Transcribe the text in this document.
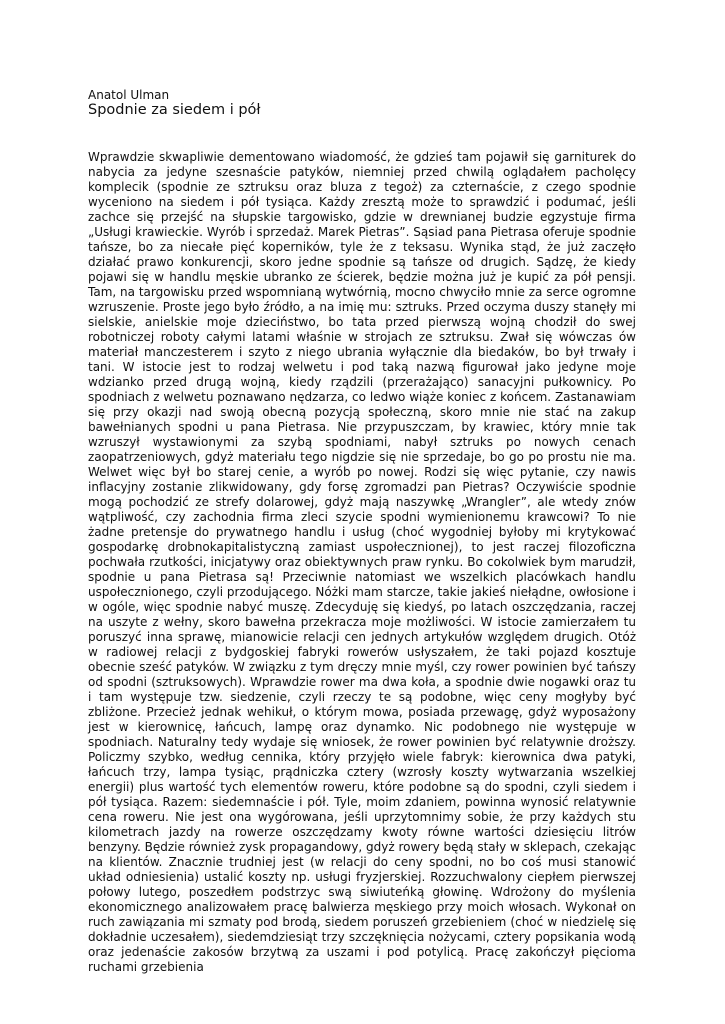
Anatol Ulman
Spodnie za siedem i pół

Wprawdzie skwapliwie dementowano wiadomość, że gdzieś tam pojawił się garniturek do nabycia za jedyne szesnaście patyków, niemniej przed chwilą oglądałem pacholęcy komplecik (spodnie ze sztruksu oraz bluza z tegoż) za czternaście, z czego spodnie wyceniono na siedem i pół tysiąca. Każdy zresztą może to sprawdzić i podumać, jeśli zachce się przejść na słupskie targowisko, gdzie w drewnianej budzie egzystuje firma „Usługi krawieckie. Wyrób i sprzedaż. Marek Pietras”. Sąsiad pana Pietrasa oferuje spodnie tańsze, bo za niecałe pięć koperników, tyle że z teksasu. Wynika stąd, że już zaczęło działać prawo konkurencji, skoro jedne spodnie są tańsze od drugich. Sądzę, że kiedy pojawi się w handlu męskie ubranko ze ścierek, będzie można już je kupić za pół pensji. Tam, na targowisku przed wspomnianą wytwórnią, mocno chwyciło mnie za serce ogromne wzruszenie. Proste jego było źródło, a na imię mu: sztruks. Przed oczyma duszy stanęły mi sielskie, anielskie moje dzieciństwo, bo tata przed pierwszą wojną chodził do swej robotniczej roboty całymi latami właśnie w strojach ze sztruksu. Zwał się wówczas ów materiał manczesterem i szyto z niego ubrania wyłącznie dla biedaków, bo był trwały i tani. W istocie jest to rodzaj welwetu i pod taką nazwą figurował jako jedyne moje wdzianko przed drugą wojną, kiedy rządzili (przerażająco) sanacyjni pułkownicy. Po spodniach z welwetu poznawano nędzarza, co ledwo wiąże koniec z końcem. Zastanawiam się przy okazji nad swoją obecną pozycją społeczną, skoro mnie nie stać na zakup bawełnianych spodni u pana Pietrasa. Nie przypuszczam, by krawiec, który mnie tak wzruszył wystawionymi za szybą spodniami, nabył sztruks po nowych cenach zaopatrzeniowych, gdyż materiału tego nigdzie się nie sprzedaje, bo go po prostu nie ma. Welwet więc był bo starej cenie, a wyrób po nowej. Rodzi się więc pytanie, czy nawis inflacyjny zostanie zlikwidowany, gdy forsę zgromadzi pan Pietras? Oczywiście spodnie mogą pochodzić ze strefy dolarowej, gdyż mają naszywkę „Wrangler”, ale wtedy znów wątpliwość, czy zachodnia firma zleci szycie spodni wymienionemu krawcowi? To nie żadne pretensje do prywatnego handlu i usług (choć wygodniej byłoby mi krytykować gospodarkę drobnokapitalistyczną zamiast uspołecznionej), to jest raczej filozoficzna pochwała rzutkości, inicjatywy oraz obiektywnych praw rynku. Bo cokolwiek bym marudził, spodnie u pana Pietrasa są! Przeciwnie natomiast we wszelkich placówkach handlu uspołecznionego, czyli przodującego. Nóżki mam starcze, takie jakieś niełądne, owłosione i w ogóle, więc spodnie nabyć muszę. Zdecyduję się kiedyś, po latach oszczędzania, raczej na uszyte z wełny, skoro bawełna przekracza moje możliwości. W istocie zamierzałem tu poruszyć inna sprawę, mianowicie relacji cen jednych artykułów względem drugich. Otóż w radiowej relacji z bydgoskiej fabryki rowerów usłyszałem, że taki pojazd kosztuje obecnie sześć patyków. W związku z tym dręczy mnie myśl, czy rower powinien być tańszy od spodni (sztruksowych). Wprawdzie rower ma dwa koła, a spodnie dwie nogawki oraz tu i tam występuje tzw. siedzenie, czyli rzeczy te są podobne, więc ceny mogłyby być zbliżone. Przecież jednak wehikuł, o którym mowa, posiada przewagę, gdyż wyposażony jest w kierownicę, łańcuch, lampę oraz dynamko. Nic podobnego nie występuje w spodniach. Naturalny tedy wydaje się wniosek, że rower powinien być relatywnie droższy. Policzmy szybko, według cennika, który przyjęło wiele fabryk: kierownica dwa patyki, łańcuch trzy, lampa tysiąc, prądniczka cztery (wzrosły koszty wytwarzania wszelkiej energii) plus wartość tych elementów roweru, które podobne są do spodni, czyli siedem i pół tysiąca. Razem: siedemnaście i pół. Tyle, moim zdaniem, powinna wynosić relatywnie cena roweru. Nie jest ona wygórowana, jeśli uprzytomnimy sobie, że przy każdych stu kilometrach jazdy na rowerze oszczędzamy kwoty równe wartości dziesięciu litrów benzyny. Będzie również zysk propagandowy, gdyż rowery będą stały w sklepach, czekając na klientów. Znacznie trudniej jest (w relacji do ceny spodni, no bo coś musi stanowić układ odniesienia) ustalić koszty np. usługi fryzjerskiej. Rozzuchwalony ciepłem pierwszej połowy lutego, poszedłem podstrzyc swą siwiuteńką głowinę. Wdrożony do myślenia ekonomicznego analizowałem pracę balwierza męskiego przy moich włosach. Wykonał on ruch zawiązania mi szmaty pod brodą, siedem poruszeń grzebieniem (choć w niedzielę się dokładnie uczesałem), siedemdziesiąt trzy szczęknięcia nożycami, cztery popsikania wodą oraz jedenaście zakosów brzytwą za uszami i pod potylicą. Pracę zakończył pięcioma ruchami grzebienia
